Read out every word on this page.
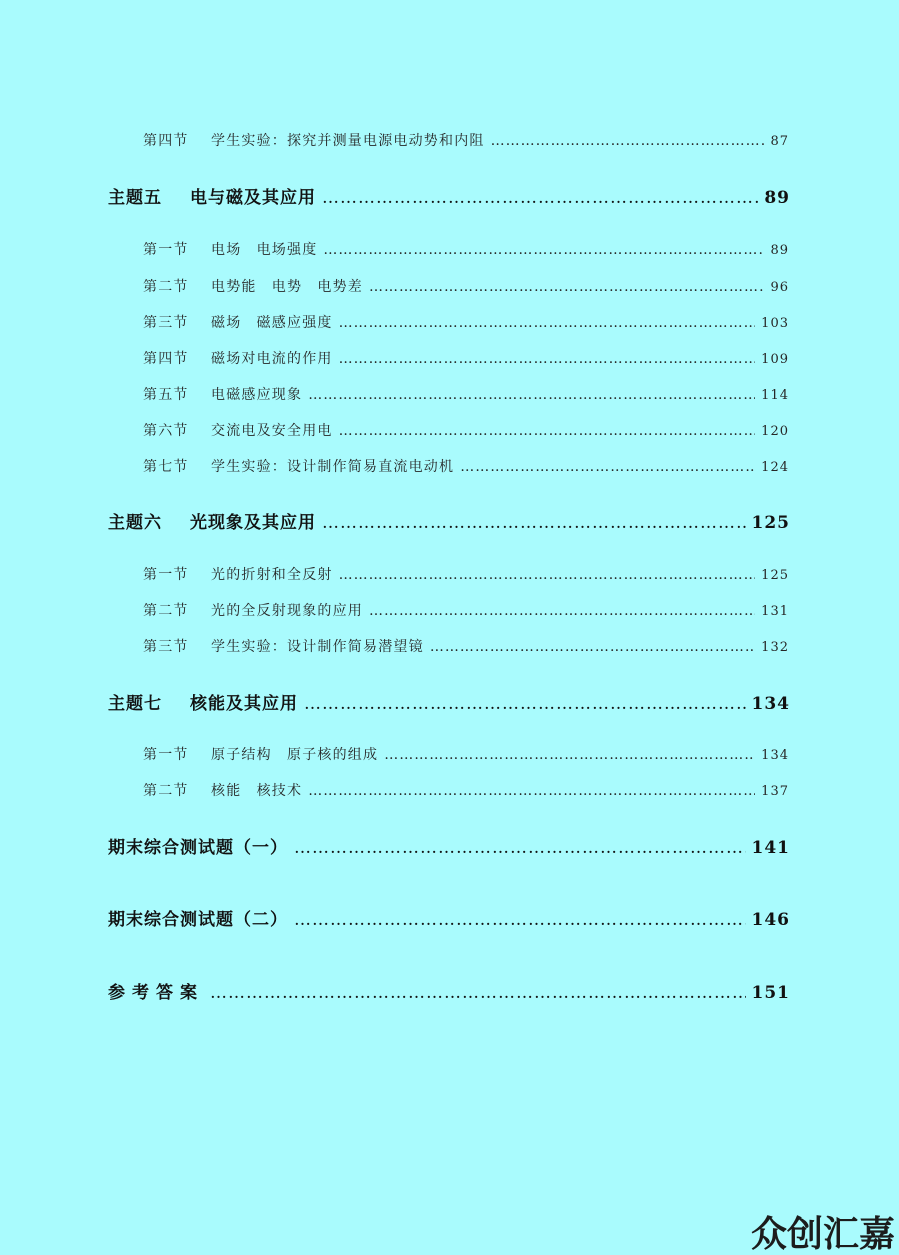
第四节 学生实验：探究并测量电源电动势和内阻 ……………………………………………………………………………………………………………………………………………………………………………………………………………	87
主题五 电与磁及其应用 ……………………………………………………………………………………………………………………………………………………………………………………………………………	89
第一节 电场　电场强度 ……………………………………………………………………………………………………………………………………………………………………………………………………………	89
第二节 电势能　电势　电势差 ……………………………………………………………………………………………………………………………………………………………………………………………………………	96
第三节 磁场　磁感应强度 ……………………………………………………………………………………………………………………………………………………………………………………………………………	103
第四节 磁场对电流的作用 ……………………………………………………………………………………………………………………………………………………………………………………………………………	109
第五节 电磁感应现象 ……………………………………………………………………………………………………………………………………………………………………………………………………………	114
第六节 交流电及安全用电 ……………………………………………………………………………………………………………………………………………………………………………………………………………	120
第七节 学生实验：设计制作简易直流电动机 ……………………………………………………………………………………………………………………………………………………………………………………………………………	124
主题六 光现象及其应用 ……………………………………………………………………………………………………………………………………………………………………………………………………………	125
第一节 光的折射和全反射 ……………………………………………………………………………………………………………………………………………………………………………………………………………	125
第二节 光的全反射现象的应用 ……………………………………………………………………………………………………………………………………………………………………………………………………………	131
第三节 学生实验：设计制作简易潜望镜 ……………………………………………………………………………………………………………………………………………………………………………………………………………	132
主题七 核能及其应用 ……………………………………………………………………………………………………………………………………………………………………………………………………………	134
第一节 原子结构　原子核的组成 ……………………………………………………………………………………………………………………………………………………………………………………………………………	134
第二节 核能　核技术 ……………………………………………………………………………………………………………………………………………………………………………………………………………	137
期末综合测试题（一） ……………………………………………………………………………………………………………………………………………………………………………………………………………	141
期末综合测试题（二） ……………………………………………………………………………………………………………………………………………………………………………………………………………	146
参考答案 ……………………………………………………………………………………………………………………………………………………………………………………………………………	151
众创汇嘉
